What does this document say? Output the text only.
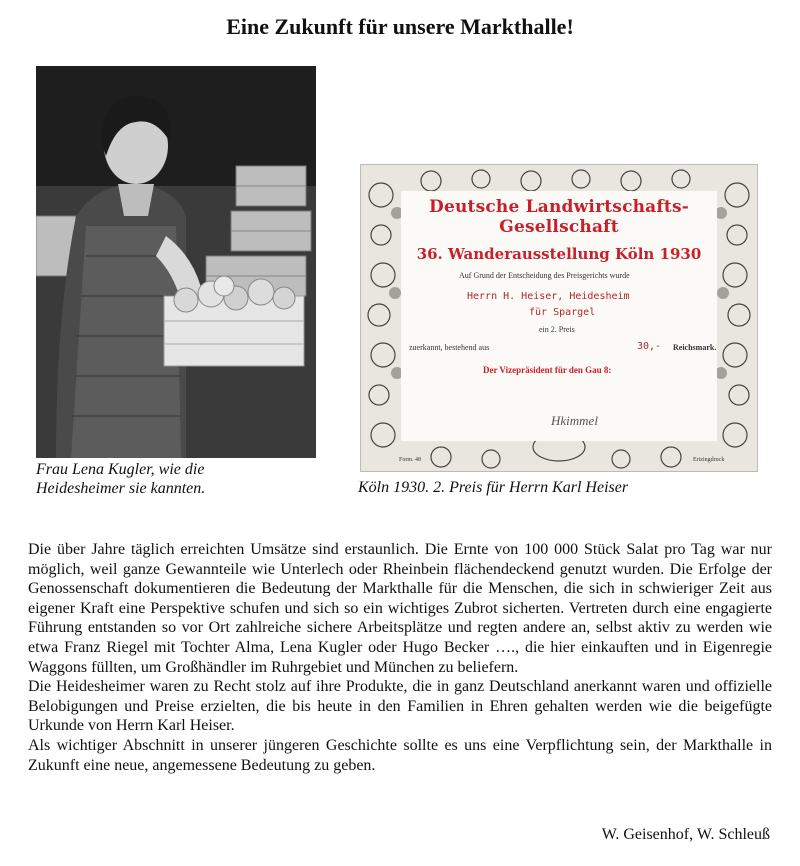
Eine Zukunft für unsere Markthalle!
Frau Lena Kugler, wie die
Heidesheimer sie kannten.
Deutsche Landwirtschafts-Gesellschaft
36. Wanderausstellung Köln 1930
Auf Grund der Entscheidung des Preisgerichts wurde
Herrn H. Heiser, Heidesheim
für Spargel
ein 2. Preis
zuerkannt, bestehend aus	30,- Reichsmark.
Der Vizepräsident für den Gau 8:
Hkimmel
Form. 48	Ertzingdruck
Köln 1930. 2. Preis für Herrn Karl Heiser

Die über Jahre täglich erreichten Umsätze sind erstaunlich. Die Ernte von 100 000 Stück Salat pro Tag war nur möglich, weil ganze Gewannteile wie Unterlech oder Rheinbein flächendeckend genutzt wurden. Die Erfolge der Genossenschaft dokumentieren die Bedeutung der Markthalle für die Menschen, die sich in schwieriger Zeit aus eigener Kraft eine Perspektive schufen und sich so ein wichtiges Zubrot sicherten. Vertreten durch eine engagierte Führung entstanden so vor Ort zahlreiche sichere Arbeitsplätze und regten andere an, selbst aktiv zu werden wie etwa Franz Riegel mit Tochter Alma, Lena Kugler oder Hugo Becker …., die hier einkauften und in Eigenregie Waggons füllten, um Großhändler im Ruhrgebiet und München zu beliefern.

Die Heidesheimer waren zu Recht stolz auf ihre Produkte, die in ganz Deutschland anerkannt waren und offizielle Belobigungen und Preise erzielten, die bis heute in den Familien in Ehren gehalten werden wie die beigefügte Urkunde von Herrn Karl Heiser.

Als wichtiger Abschnitt in unserer jüngeren Geschichte sollte es uns eine Verpflichtung sein, der Markthalle in Zukunft eine neue, angemessene Bedeutung zu geben.

W. Geisenhof, W. Schleuß
